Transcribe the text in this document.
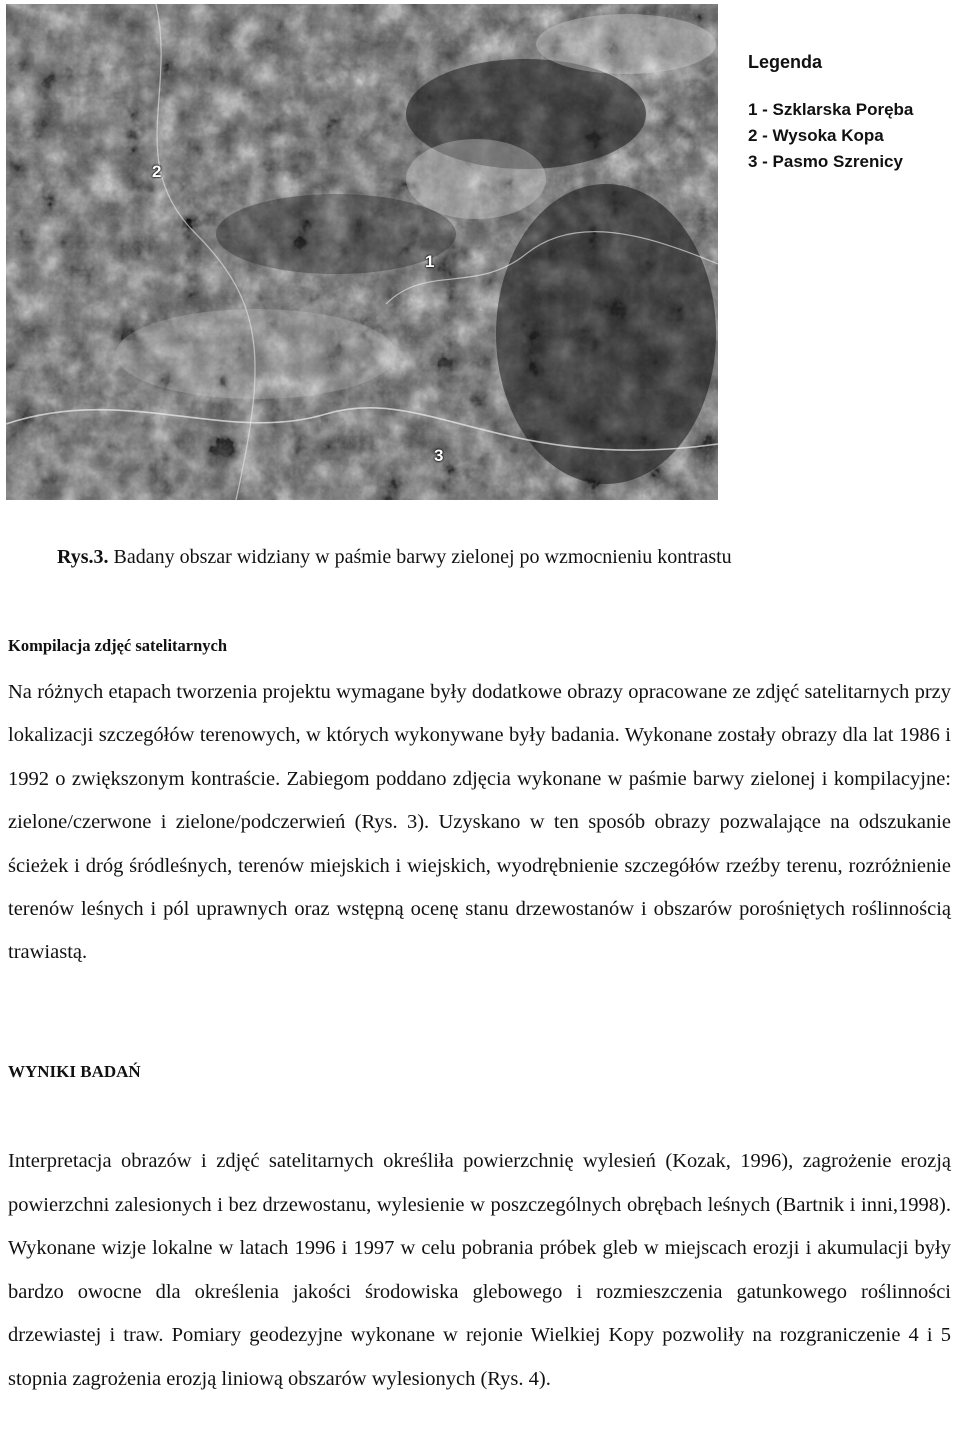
2
1
3
Legenda
1 - Szklarska Poręba
2 - Wysoka Kopa
3 - Pasmo Szrenicy
Rys.3. Badany obszar widziany w paśmie barwy zielonej po wzmocnieniu kontrastu
Kompilacja zdjęć satelitarnych

Na różnych etapach tworzenia projektu wymagane były dodatkowe obrazy opracowane ze zdjęć satelitarnych przy lokalizacji szczegółów terenowych, w których wykonywane były badania. Wykonane zostały obrazy dla lat 1986 i 1992 o zwiększonym kontraście. Zabiegom poddano zdjęcia wykonane w paśmie barwy zielonej i kompilacyjne: zielone/czerwone i zielone/podczerwień (Rys. 3). Uzyskano w ten sposób obrazy pozwalające na odszukanie ścieżek i dróg śródleśnych, terenów miejskich i wiejskich, wyodrębnienie szczegółów rzeźby terenu, rozróżnienie terenów leśnych i pól uprawnych oraz wstępną ocenę stanu drzewostanów i obszarów porośniętych roślinnością trawiastą.

WYNIKI BADAŃ

Interpretacja obrazów i zdjęć satelitarnych określiła powierzchnię wylesień (Kozak, 1996), zagrożenie erozją powierzchni zalesionych i bez drzewostanu, wylesienie w poszczególnych obrębach leśnych (Bartnik i inni,1998). Wykonane wizje lokalne w latach 1996 i 1997 w celu pobrania próbek gleb w miejscach erozji i akumulacji były bardzo owocne dla określenia jakości środowiska glebowego i rozmieszczenia gatunkowego roślinności drzewiastej i traw. Pomiary geodezyjne wykonane w rejonie Wielkiej Kopy pozwoliły na rozgraniczenie 4 i 5 stopnia zagrożenia erozją liniową obszarów wylesionych (Rys. 4).
